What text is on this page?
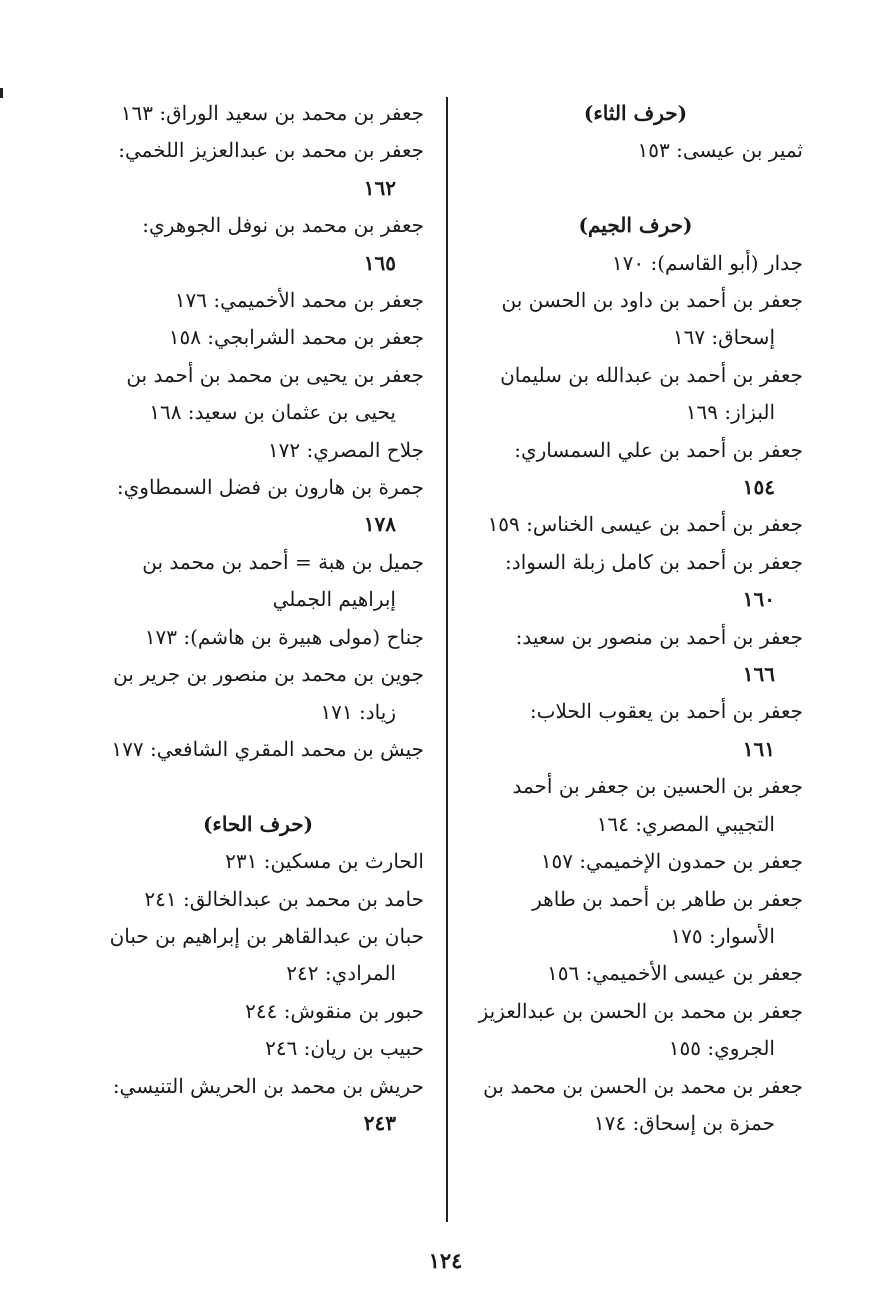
(حرف الثاء)
ثمير بن عيسى: ١٥٣
(حرف الجيم)
جدار (أبو القاسم): ١٧٠
جعفر بن أحمد بن داود بن الحسن بن
إسحاق: ١٦٧
جعفر بن أحمد بن عبدالله بن سليمان
البزاز: ١٦٩
جعفر بن أحمد بن علي السمساري:
١٥٤
جعفر بن أحمد بن عيسى الخناس: ١٥٩
جعفر بن أحمد بن كامل زبلة السواد:
١٦٠
جعفر بن أحمد بن منصور بن سعيد:
١٦٦
جعفر بن أحمد بن يعقوب الحلاب:
١٦١
جعفر بن الحسين بن جعفر بن أحمد
التجيبي المصري: ١٦٤
جعفر بن حمدون الإخميمي: ١٥٧
جعفر بن طاهر بن أحمد بن طاهر
الأسوار: ١٧٥
جعفر بن عيسى الأخميمي: ١٥٦
جعفر بن محمد بن الحسن بن عبدالعزيز
الجروي: ١٥٥
جعفر بن محمد بن الحسن بن محمد بن
حمزة بن إسحاق: ١٧٤
جعفر بن محمد بن سعيد الوراق: ١٦٣
جعفر بن محمد بن عبدالعزيز اللخمي:
١٦٢
جعفر بن محمد بن نوفل الجوهري:
١٦٥
جعفر بن محمد الأخميمي: ١٧٦
جعفر بن محمد الشرابجي: ١٥٨
جعفر بن يحيى بن محمد بن أحمد بن
يحيى بن عثمان بن سعيد: ١٦٨
جلاح المصري: ١٧٢
جمرة بن هارون بن فضل السمطاوي:
١٧٨
جميل بن هبة = أحمد بن محمد بن
إبراهيم الجملي
جناح (مولى هبيرة بن هاشم): ١٧٣
جوين بن محمد بن منصور بن جرير بن
زياد: ١٧١
جيش بن محمد المقري الشافعي: ١٧٧
(حرف الحاء)
الحارث بن مسكين: ٢٣١
حامد بن محمد بن عبدالخالق: ٢٤١
حبان بن عبدالقاهر بن إبراهيم بن حبان
المرادي: ٢٤٢
حبور بن منقوش: ٢٤٤
حبيب بن ريان: ٢٤٦
حريش بن محمد بن الحريش التنيسي:
٢٤٣
١٢٤
